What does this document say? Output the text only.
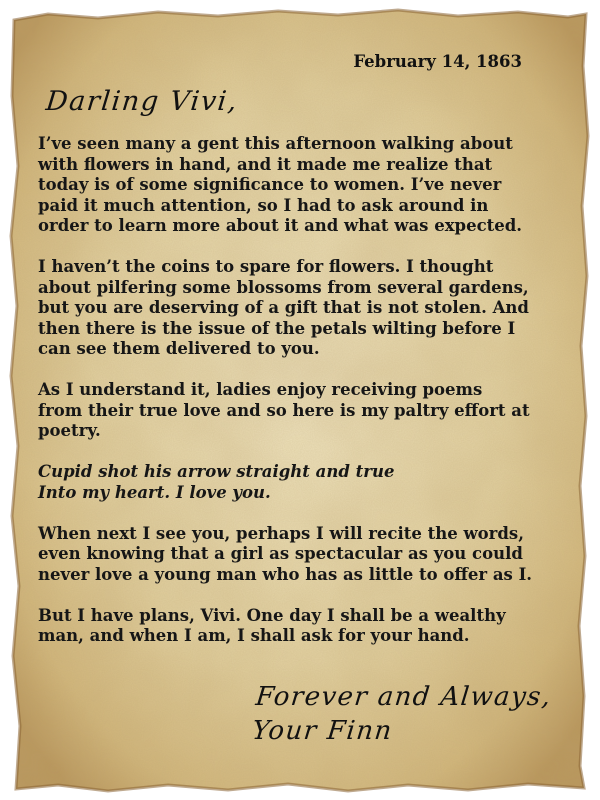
February 14, 1863
Darling Vivi,

I’ve seen many a gent this afternoon walking about
with flowers in hand, and it made me realize that
today is of some significance to women. I’ve never
paid it much attention, so I had to ask around in
order to learn more about it and what was expected.

I haven’t the coins to spare for flowers. I thought
about pilfering some blossoms from several gardens,
but you are deserving of a gift that is not stolen. And
then there is the issue of the petals wilting before I
can see them delivered to you.

As I understand it, ladies enjoy receiving poems
from their true love and so here is my paltry effort at
poetry.

Cupid shot his arrow straight and true
Into my heart. I love you.

When next I see you, perhaps I will recite the words,
even knowing that a girl as spectacular as you could
never love a young man who has as little to offer as I.

But I have plans, Vivi. One day I shall be a wealthy
man, and when I am, I shall ask for your hand.

Forever and Always,
Your Finn
